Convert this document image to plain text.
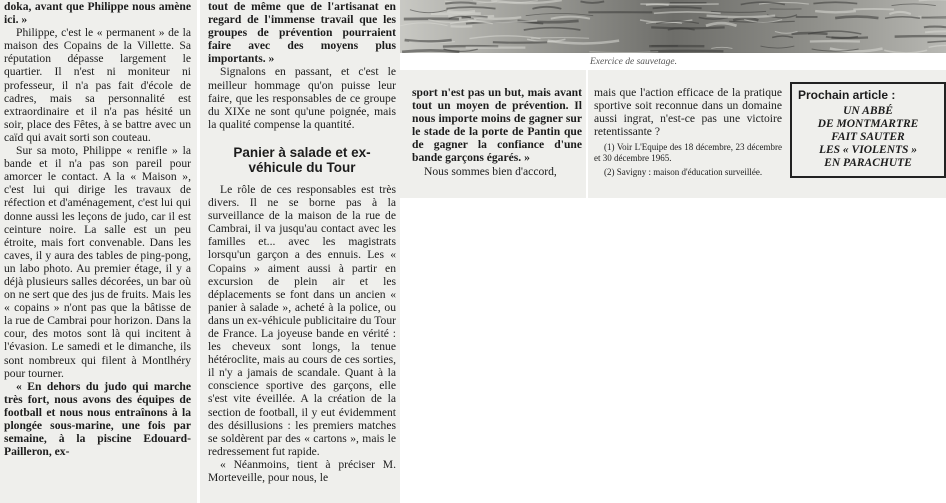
doka, avant que Philippe nous amène ici. »

Philippe, c'est le « permanent » de la maison des Copains de la Villette. Sa réputation dépasse largement le quartier. Il n'est ni moniteur ni professeur, il n'a pas fait d'école de cadres, mais sa personnalité est extraordinaire et il n'a pas hésité un soir, place des Fêtes, à se battre avec un caïd qui avait sorti son couteau.

Sur sa moto, Philippe « renifle » la bande et il n'a pas son pareil pour amorcer le contact. A la « Maison », c'est lui qui dirige les travaux de réfection et d'aménagement, c'est lui qui donne aussi les leçons de judo, car il est ceinture noire. La salle est un peu étroite, mais fort convenable. Dans les caves, il y aura des tables de ping-pong, un labo photo. Au premier étage, il y a déjà plusieurs salles décorées, un bar où on ne sert que des jus de fruits. Mais les « copains » n'ont pas que la bâtisse de la rue de Cambrai pour horizon. Dans la cour, des motos sont là qui incitent à l'évasion. Le samedi et le dimanche, ils sont nombreux qui filent à Montlhéry pour tourner.

« En dehors du judo qui marche très fort, nous avons des équipes de football et nous nous entraînons à la plongée sous-marine, une fois par semaine, à la piscine Edouard-Pailleron, ex-

tout de même que de l'artisanat en regard de l'immense travail que les groupes de prévention pourraient faire avec des moyens plus importants. »

Signalons en passant, et c'est le meilleur hommage qu'on puisse leur faire, que les responsables de ce groupe du XIXe ne sont qu'une poignée, mais la qualité compense la quantité.

Panier à salade et ex-véhicule du Tour

Le rôle de ces responsables est très divers. Il ne se borne pas à la surveillance de la maison de la rue de Cambrai, il va jusqu'au contact avec les familles et... avec les magistrats lorsqu'un garçon a des ennuis. Les « Copains » aiment aussi à partir en excursion de plein air et les déplacements se font dans un ancien « panier à salade », acheté à la police, ou dans un ex-véhicule publicitaire du Tour de France. La joyeuse bande en vérité : les cheveux sont longs, la tenue hétéroclite, mais au cours de ces sorties, il n'y a jamais de scandale. Quant à la conscience sportive des garçons, elle s'est vite éveillée. A la création de la section de football, il y eut évidemment des désillusions : les premiers matches se soldèrent par des « cartons », mais le redressement fut rapide.

« Néanmoins, tient à préciser M. Morteveille, pour nous, le

Exercice de sauvetage.

sport n'est pas un but, mais avant tout un moyen de prévention. Il nous importe moins de gagner sur le stade de la porte de Pantin que de gagner la confiance d'une bande garçons égarés. »

Nous sommes bien d'accord,

mais que l'action efficace de la pratique sportive soit reconnue dans un domaine aussi ingrat, n'est-ce pas une victoire retentissante ?

(1) Voir L'Equipe des 18 décembre, 23 décembre et 30 décembre 1965.

(2) Savigny : maison d'éducation surveillée.

Prochain article :
UN ABBÉ
DE MONTMARTRE
FAIT SAUTER
LES « VIOLENTS »
EN PARACHUTE
